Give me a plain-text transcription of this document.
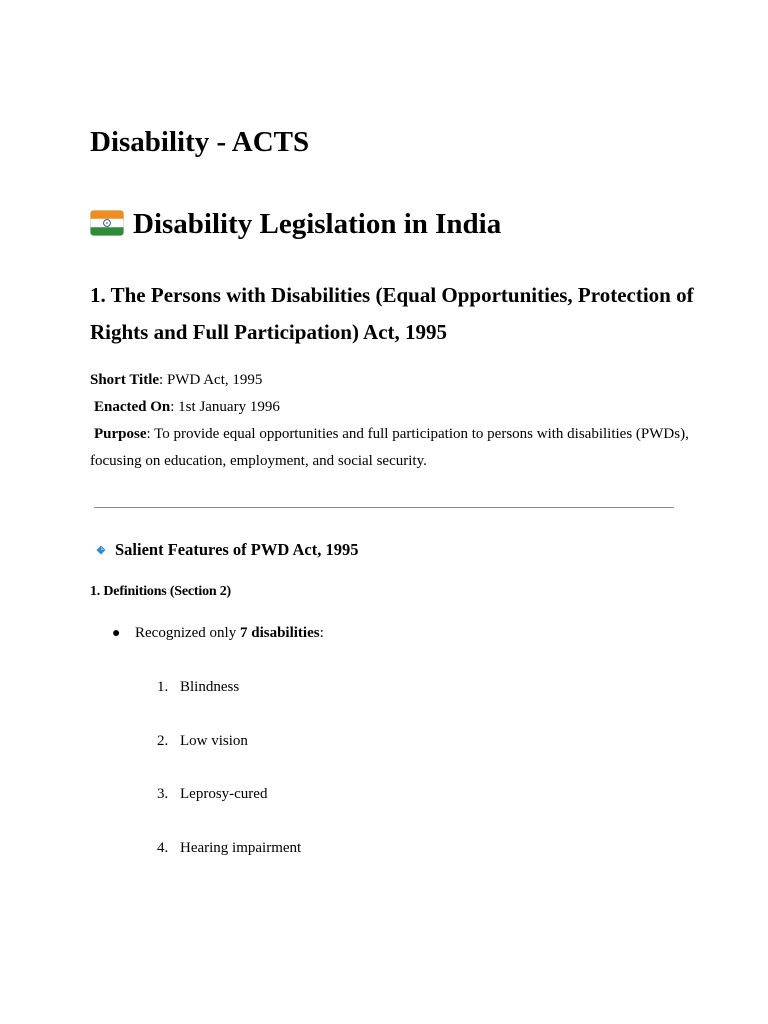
Disability - ACTS
Disability Legislation in India
1. The Persons with Disabilities (Equal Opportunities, Protection of Rights and Full Participation) Act, 1995
Short Title: PWD Act, 1995
Enacted On: 1st January 1996
Purpose: To provide equal opportunities and full participation to persons with disabilities (PWDs), focusing on education, employment, and social security.
Salient Features of PWD Act, 1995
1. Definitions (Section 2)
● Recognized only 7 disabilities:
1. Blindness
2. Low vision
3. Leprosy-cured
4. Hearing impairment
